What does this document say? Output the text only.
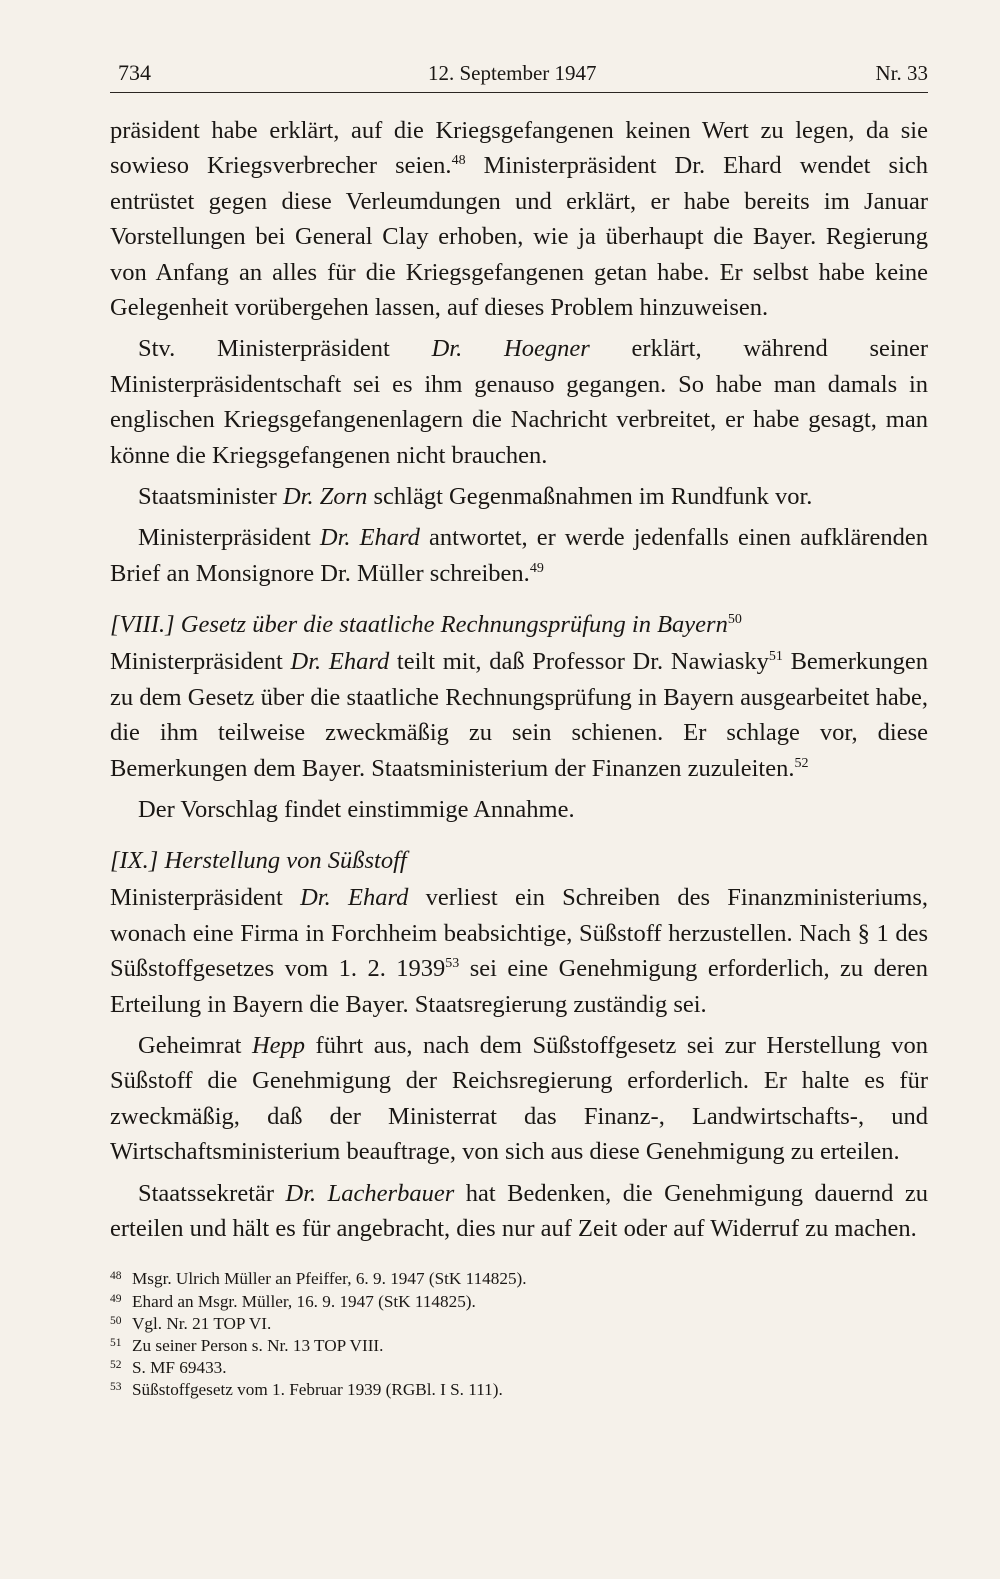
734	12. September 1947	Nr. 33

präsident habe erklärt, auf die Kriegsgefangenen keinen Wert zu legen, da sie sowieso Kriegsverbrecher seien.$^{48}$ Ministerpräsident Dr. Ehard wendet sich entrüstet gegen diese Verleumdungen und erklärt, er habe bereits im Januar Vorstellungen bei General Clay erhoben, wie ja überhaupt die Bayer. Regierung von Anfang an alles für die Kriegsgefangenen getan habe. Er selbst habe keine Gelegenheit vorübergehen lassen, auf dieses Problem hinzuweisen.

Stv. Ministerpräsident Dr. Hoegner erklärt, während seiner Ministerpräsidentschaft sei es ihm genauso gegangen. So habe man damals in englischen Kriegsgefangenenlagern die Nachricht verbreitet, er habe gesagt, man könne die Kriegsgefangenen nicht brauchen.

Staatsminister Dr. Zorn schlägt Gegenmaßnahmen im Rundfunk vor.

Ministerpräsident Dr. Ehard antwortet, er werde jedenfalls einen aufklärenden Brief an Monsignore Dr. Müller schreiben.$^{49}$

[VIII.] Gesetz über die staatliche Rechnungsprüfung in Bayern$^{50}$

Ministerpräsident Dr. Ehard teilt mit, daß Professor Dr. Nawiasky$^{51}$ Bemerkungen zu dem Gesetz über die staatliche Rechnungsprüfung in Bayern ausgearbeitet habe, die ihm teilweise zweckmäßig zu sein schienen. Er schlage vor, diese Bemerkungen dem Bayer. Staatsministerium der Finanzen zuzuleiten.$^{52}$

Der Vorschlag findet einstimmige Annahme.

[IX.] Herstellung von Süßstoff

Ministerpräsident Dr. Ehard verliest ein Schreiben des Finanzministeriums, wonach eine Firma in Forchheim beabsichtige, Süßstoff herzustellen. Nach § 1 des Süßstoffgesetzes vom 1. 2. 1939$^{53}$ sei eine Genehmigung erforderlich, zu deren Erteilung in Bayern die Bayer. Staatsregierung zuständig sei.

Geheimrat Hepp führt aus, nach dem Süßstoffgesetz sei zur Herstellung von Süßstoff die Genehmigung der Reichsregierung erforderlich. Er halte es für zweckmäßig, daß der Ministerrat das Finanz-, Landwirtschafts-, und Wirtschaftsministerium beauftrage, von sich aus diese Genehmigung zu erteilen.

Staatssekretär Dr. Lacherbauer hat Bedenken, die Genehmigung dauernd zu erteilen und hält es für angebracht, dies nur auf Zeit oder auf Widerruf zu machen.

48 Msgr. Ulrich Müller an Pfeiffer, 6. 9. 1947 (StK 114825).
49 Ehard an Msgr. Müller, 16. 9. 1947 (StK 114825).
50 Vgl. Nr. 21 TOP VI.
51 Zu seiner Person s. Nr. 13 TOP VIII.
52 S. MF 69433.
53 Süßstoffgesetz vom 1. Februar 1939 (RGBl. I S. 111).
